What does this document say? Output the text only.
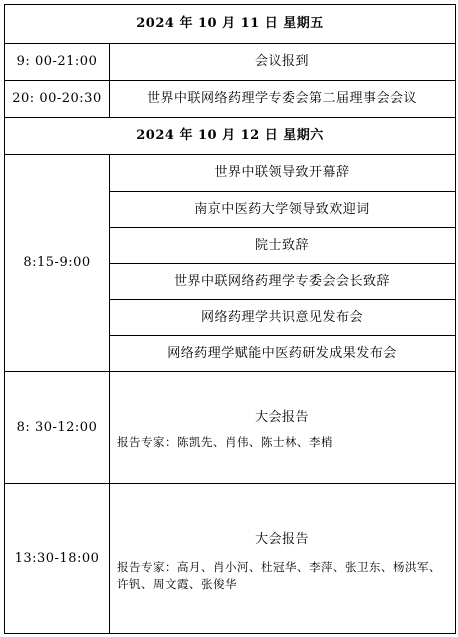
2024 年 10 月 11 日 星期五
9: 00-21:00	会议报到
20: 00-20:30	世界中联网络药理学专委会第二届理事会会议
2024 年 10 月 12 日 星期六
8:15-9:00
世界中联领导致开幕辞
南京中医药大学领导致欢迎词
院士致辞
世界中联网络药理学专委会会长致辞
网络药理学共识意见发布会
网络药理学赋能中医药研发成果发布会
8: 30-12:00
大会报告
报告专家：陈凯先、肖伟、陈士林、李梢
13:30-18:00
大会报告
报告专家：高月、肖小河、杜冠华、李萍、张卫东、杨洪军、许钒、周文霞、张俊华
